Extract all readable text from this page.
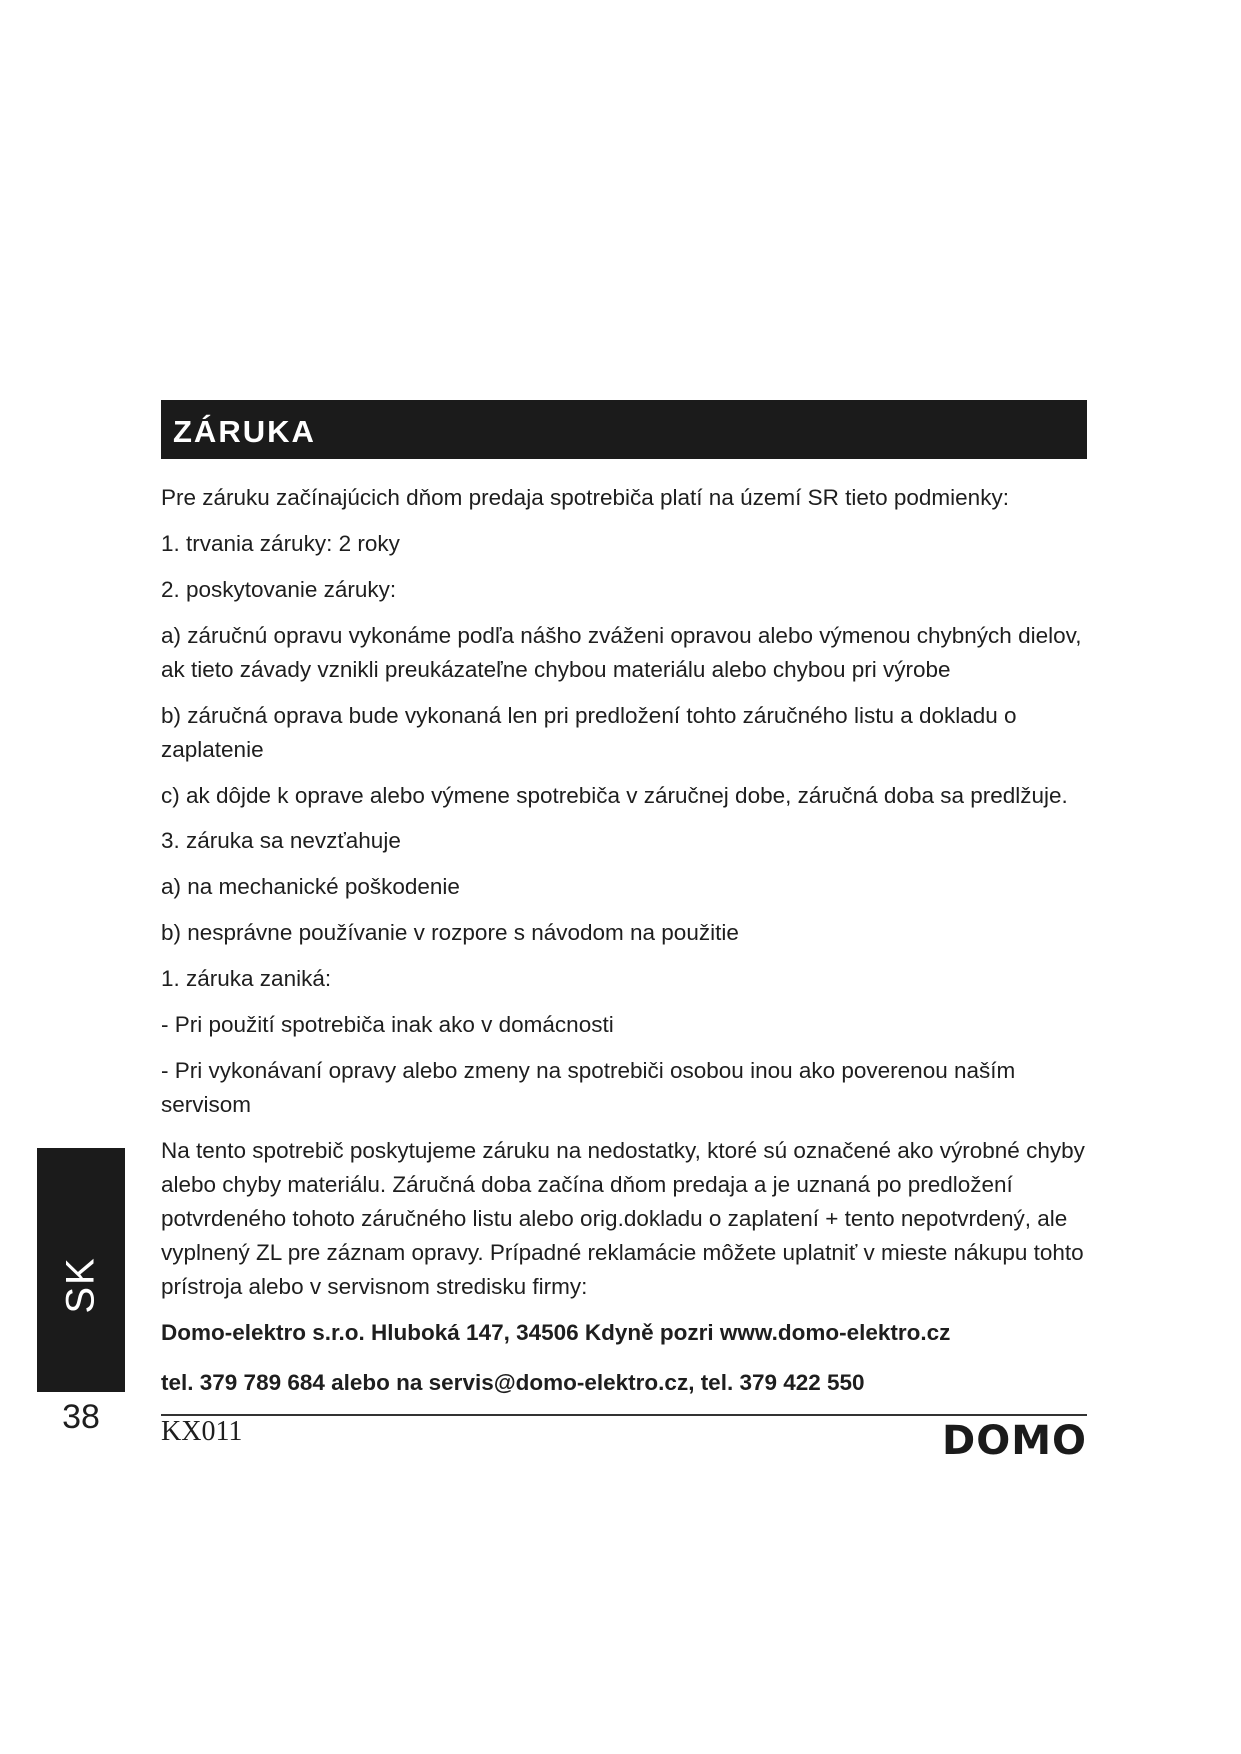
ZÁRUKA

Pre záruku začínajúcich dňom predaja spotrebiča platí na území SR tieto podmienky:

1. trvania záruky: 2 roky

2. poskytovanie záruky:

a) záručnú opravu vykonáme podľa nášho zváženi opravou alebo výmenou chybných dielov, ak tieto závady vznikli preukázateľne chybou materiálu alebo chybou pri výrobe

b) záručná oprava bude vykonaná len pri predložení tohto záručného listu a dokladu o zaplatenie

c) ak dôjde k oprave alebo výmene spotrebiča v záručnej dobe, záručná doba sa predlžuje.

3. záruka sa nevzťahuje

a) na mechanické poškodenie

b) nesprávne používanie v rozpore s návodom na použitie

1. záruka zaniká:

- Pri použití spotrebiča inak ako v domácnosti

- Pri vykonávaní opravy alebo zmeny na spotrebiči osobou inou ako poverenou naším servisom

Na tento spotrebič poskytujeme záruku na nedostatky, ktoré sú označené ako výrobné chyby alebo chyby materiálu. Záručná doba začína dňom predaja a je uznaná po predložení potvrdeného tohoto záručného listu alebo orig.dokladu o zaplatení + tento nepotvrdený, ale vyplnený ZL pre záznam opravy. Prípadné reklamácie môžete uplatniť v mieste nákupu tohto prístroja alebo v servisnom stredisku firmy:

Domo-elektro s.r.o. Hluboká 147, 34506 Kdyně pozri www.domo-elektro.cz

tel. 379 789 684 alebo na servis@domo-elektro.cz, tel. 379 422 550

SK
38	KX011	DOMO
